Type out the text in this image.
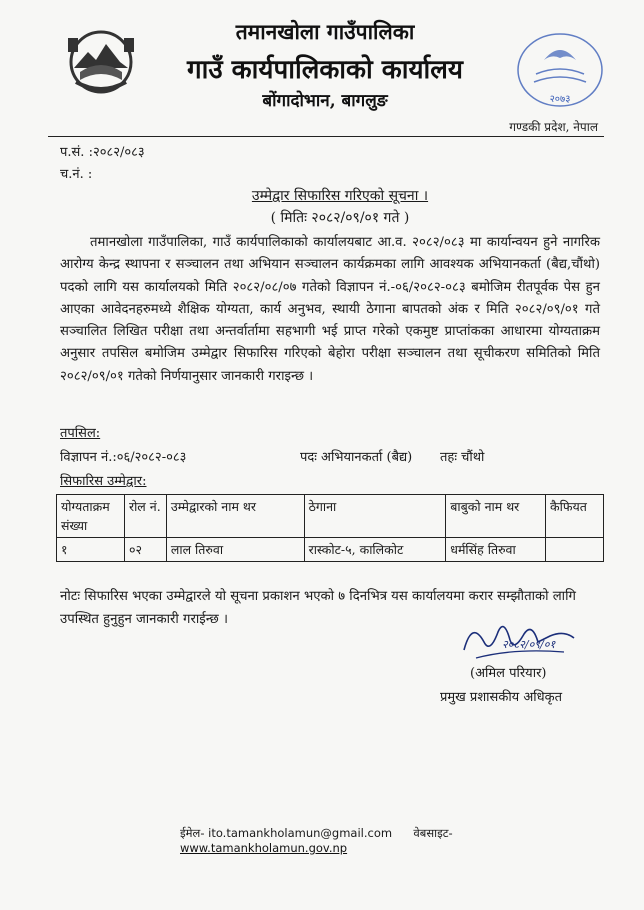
तमानखोला गाउँपालिका
गाउँ कार्यपालिकाको कार्यालय
बोंगादोभान, बागलुङ	२०७३
गण्डकी प्रदेश, नेपाल
प.सं. :२०८२/०८३
च.नं. :
उम्मेद्वार सिफारिस गरिएको सूचना ।
( मितिः २०८२/०९/०१ गते )
तमानखोला गाउँपालिका, गाउँ कार्यपालिकाको कार्यालयबाट आ.व. २०८२/०८३ मा कार्यान्वयन हुने नागरिक आरोग्य केन्द्र स्थापना र सञ्चालन तथा अभियान सञ्चालन कार्यक्रमका लागि आवश्यक अभियानकर्ता (बैद्य,चौंथो) पदको लागि यस कार्यालयको मिति २०८२/०८/०७ गतेको विज्ञापन नं.-०६/२०८२-०८३ बमोजिम रीतपूर्वक पेस हुन आएका आवेदनहरुमध्ये शैक्षिक योग्यता, कार्य अनुभव, स्थायी ठेगाना बापतको अंक र मिति २०८२/०९/०१ गते सञ्चालित लिखित परीक्षा तथा अन्तर्वार्तामा सहभागी भई प्राप्त गरेको एकमुष्ट प्राप्तांकका आधारमा योग्यताक्रम अनुसार तपसिल बमोजिम उम्मेद्वार सिफारिस गरिएको बेहोरा परीक्षा सञ्चालन तथा सूचीकरण समितिको मिति २०८२/०९/०१ गतेको निर्णयानुसार जानकारी गराइन्छ ।
तपसिल:
विज्ञापन नं.:०६/२०८२-०८३	पदः अभियानकर्ता (बैद्य) तहः चौंथो
सिफारिस उम्मेद्वार:
योग्यताक्रम संख्या	रोल नं.	उम्मेद्वारको नाम थर	ठेगाना	बाबुको नाम थर	कैफियत
१	०२	लाल तिरुवा	रास्कोट-५, कालिकोट	धर्मसिंह तिरुवा	
नोटः सिफारिस भएका उम्मेद्वारले यो सूचना प्रकाशन भएको ७ दिनभित्र यस कार्यालयमा करार सम्झौताको लागि उपस्थित हुनुहुन जानकारी गराईन्छ ।
२०८२/०९/०१
(अमिल परियार)
प्रमुख प्रशासकीय अधिकृत
ईमेल- ito.tamankholamun@gmail.com वेबसाइट- www.tamankholamun.gov.np
